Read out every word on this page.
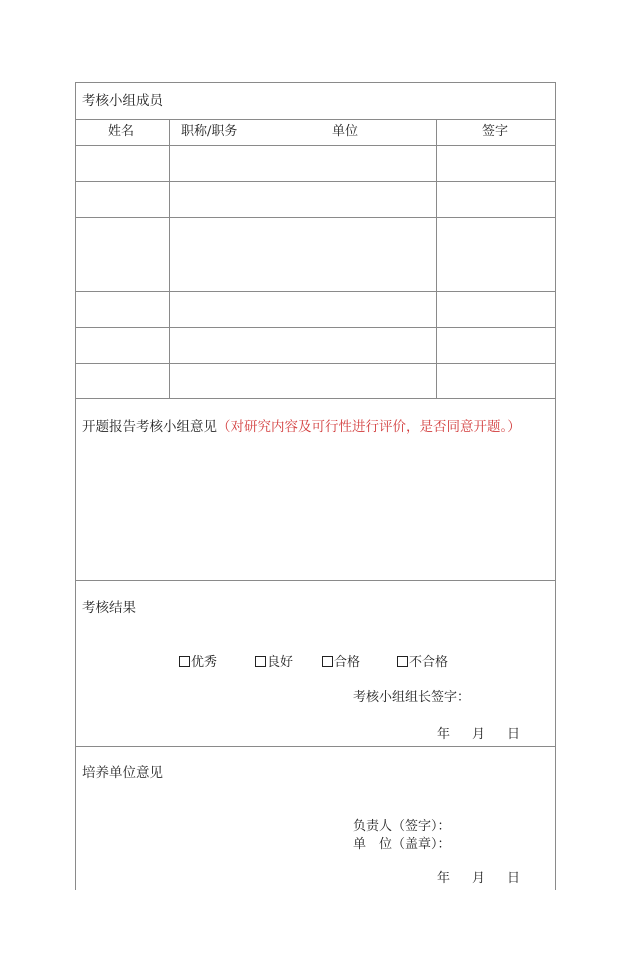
考核小组成员
姓名	职称/职务	单位	签字
开题报告考核小组意见（对研究内容及可行性进行评价，是否同意开题。）
考核结果
优秀	良好	合格	不合格
考核小组组长签字：
年 月 日
培养单位意见
负责人（签字）：
单　位（盖章）：
年 月 日
